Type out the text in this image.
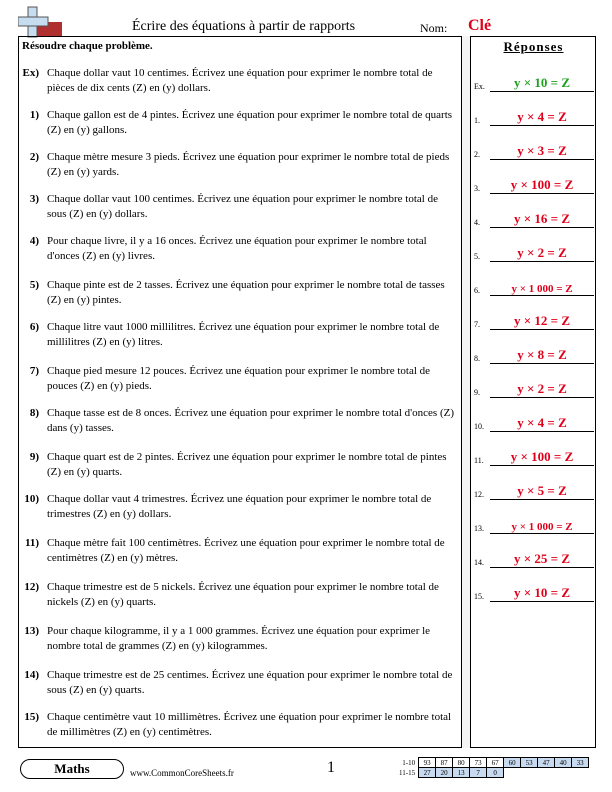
Écrire des équations à partir de rapports	Nom: Clé
Résoudre chaque problème.	Réponses
Ex) Chaque dollar vaut 10 centimes. Écrivez une équation pour exprimer le nombre total de pièces de dix cents (Z) en (y) dollars.
1) Chaque gallon est de 4 pintes. Écrivez une équation pour exprimer le nombre total de quarts (Z) en (y) gallons.
2) Chaque mètre mesure 3 pieds. Écrivez une équation pour exprimer le nombre total de pieds (Z) en (y) yards.
3) Chaque dollar vaut 100 centimes. Écrivez une équation pour exprimer le nombre total de sous (Z) en (y) dollars.
4) Pour chaque livre, il y a 16 onces. Écrivez une équation pour exprimer le nombre total d'onces (Z) en (y) livres.
5) Chaque pinte est de 2 tasses. Écrivez une équation pour exprimer le nombre total de tasses (Z) en (y) pintes.
6) Chaque litre vaut 1000 millilitres. Écrivez une équation pour exprimer le nombre total de millilitres (Z) en (y) litres.
7) Chaque pied mesure 12 pouces. Écrivez une équation pour exprimer le nombre total de pouces (Z) en (y) pieds.
8) Chaque tasse est de 8 onces. Écrivez une équation pour exprimer le nombre total d'onces (Z) dans (y) tasses.
9) Chaque quart est de 2 pintes. Écrivez une équation pour exprimer le nombre total de pintes (Z) en (y) quarts.
10) Chaque dollar vaut 4 trimestres. Écrivez une équation pour exprimer le nombre total de trimestres (Z) en (y) dollars.
11) Chaque mètre fait 100 centimètres. Écrivez une équation pour exprimer le nombre total de centimètres (Z) en (y) mètres.
12) Chaque trimestre est de 5 nickels. Écrivez une équation pour exprimer le nombre total de nickels (Z) en (y) quarts.
13) Pour chaque kilogramme, il y a 1 000 grammes. Écrivez une équation pour exprimer le nombre total de grammes (Z) en (y) kilogrammes.
14) Chaque trimestre est de 25 centimes. Écrivez une équation pour exprimer le nombre total de sous (Z) en (y) quarts.
15) Chaque centimètre vaut 10 millimètres. Écrivez une équation pour exprimer le nombre total de millimètres (Z) en (y) centimètres.
Ex.	y × 10 = Z
1.	y × 4 = Z
2.	y × 3 = Z
3.	y × 100 = Z
4.	y × 16 = Z
5.	y × 2 = Z
6.	y × 1 000 = Z
7.	y × 12 = Z
8.	y × 8 = Z
9.	y × 2 = Z
10.	y × 4 = Z
11.	y × 100 = Z
12.	y × 5 = Z
13.	y × 1 000 = Z
14.	y × 25 = Z
15.	y × 10 = Z
Maths	www.CommonCoreSheets.fr	1	1-10	93	87	80	73	67	60	53	47	40	33
11-15	27	20	13	7	0					
